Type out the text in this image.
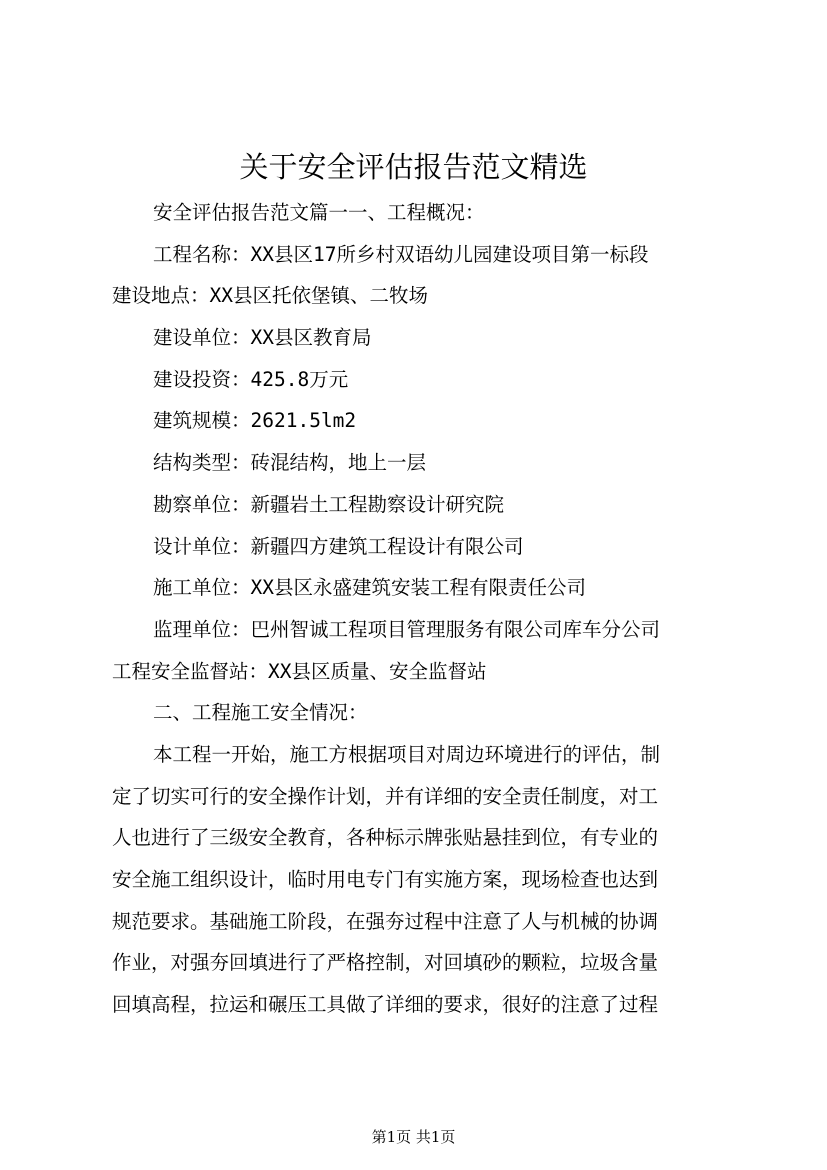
关于安全评估报告范文精选
安全评估报告范文篇一一、工程概况：
工程名称：XX县区17所乡村双语幼儿园建设项目第一标段
建设地点：XX县区托依堡镇、二牧场
建设单位：XX县区教育局
建设投资：425.8万元
建筑规模：2621.5lm2
结构类型：砖混结构，地上一层
勘察单位：新疆岩土工程勘察设计研究院
设计单位：新疆四方建筑工程设计有限公司
施工单位：XX县区永盛建筑安装工程有限责任公司
监理单位：巴州智诚工程项目管理服务有限公司库车分公司
工程安全监督站：XX县区质量、安全监督站
二、工程施工安全情况：
本工程一开始，施工方根据项目对周边环境进行的评估，制
定了切实可行的安全操作计划，并有详细的安全责任制度，对工
人也进行了三级安全教育，各种标示牌张贴悬挂到位，有专业的
安全施工组织设计，临时用电专门有实施方案，现场检查也达到
规范要求。基础施工阶段，在强夯过程中注意了人与机械的协调
作业，对强夯回填进行了严格控制，对回填砂的颗粒，垃圾含量
回填高程，拉运和碾压工具做了详细的要求，很好的注意了过程
第1页 共1页
